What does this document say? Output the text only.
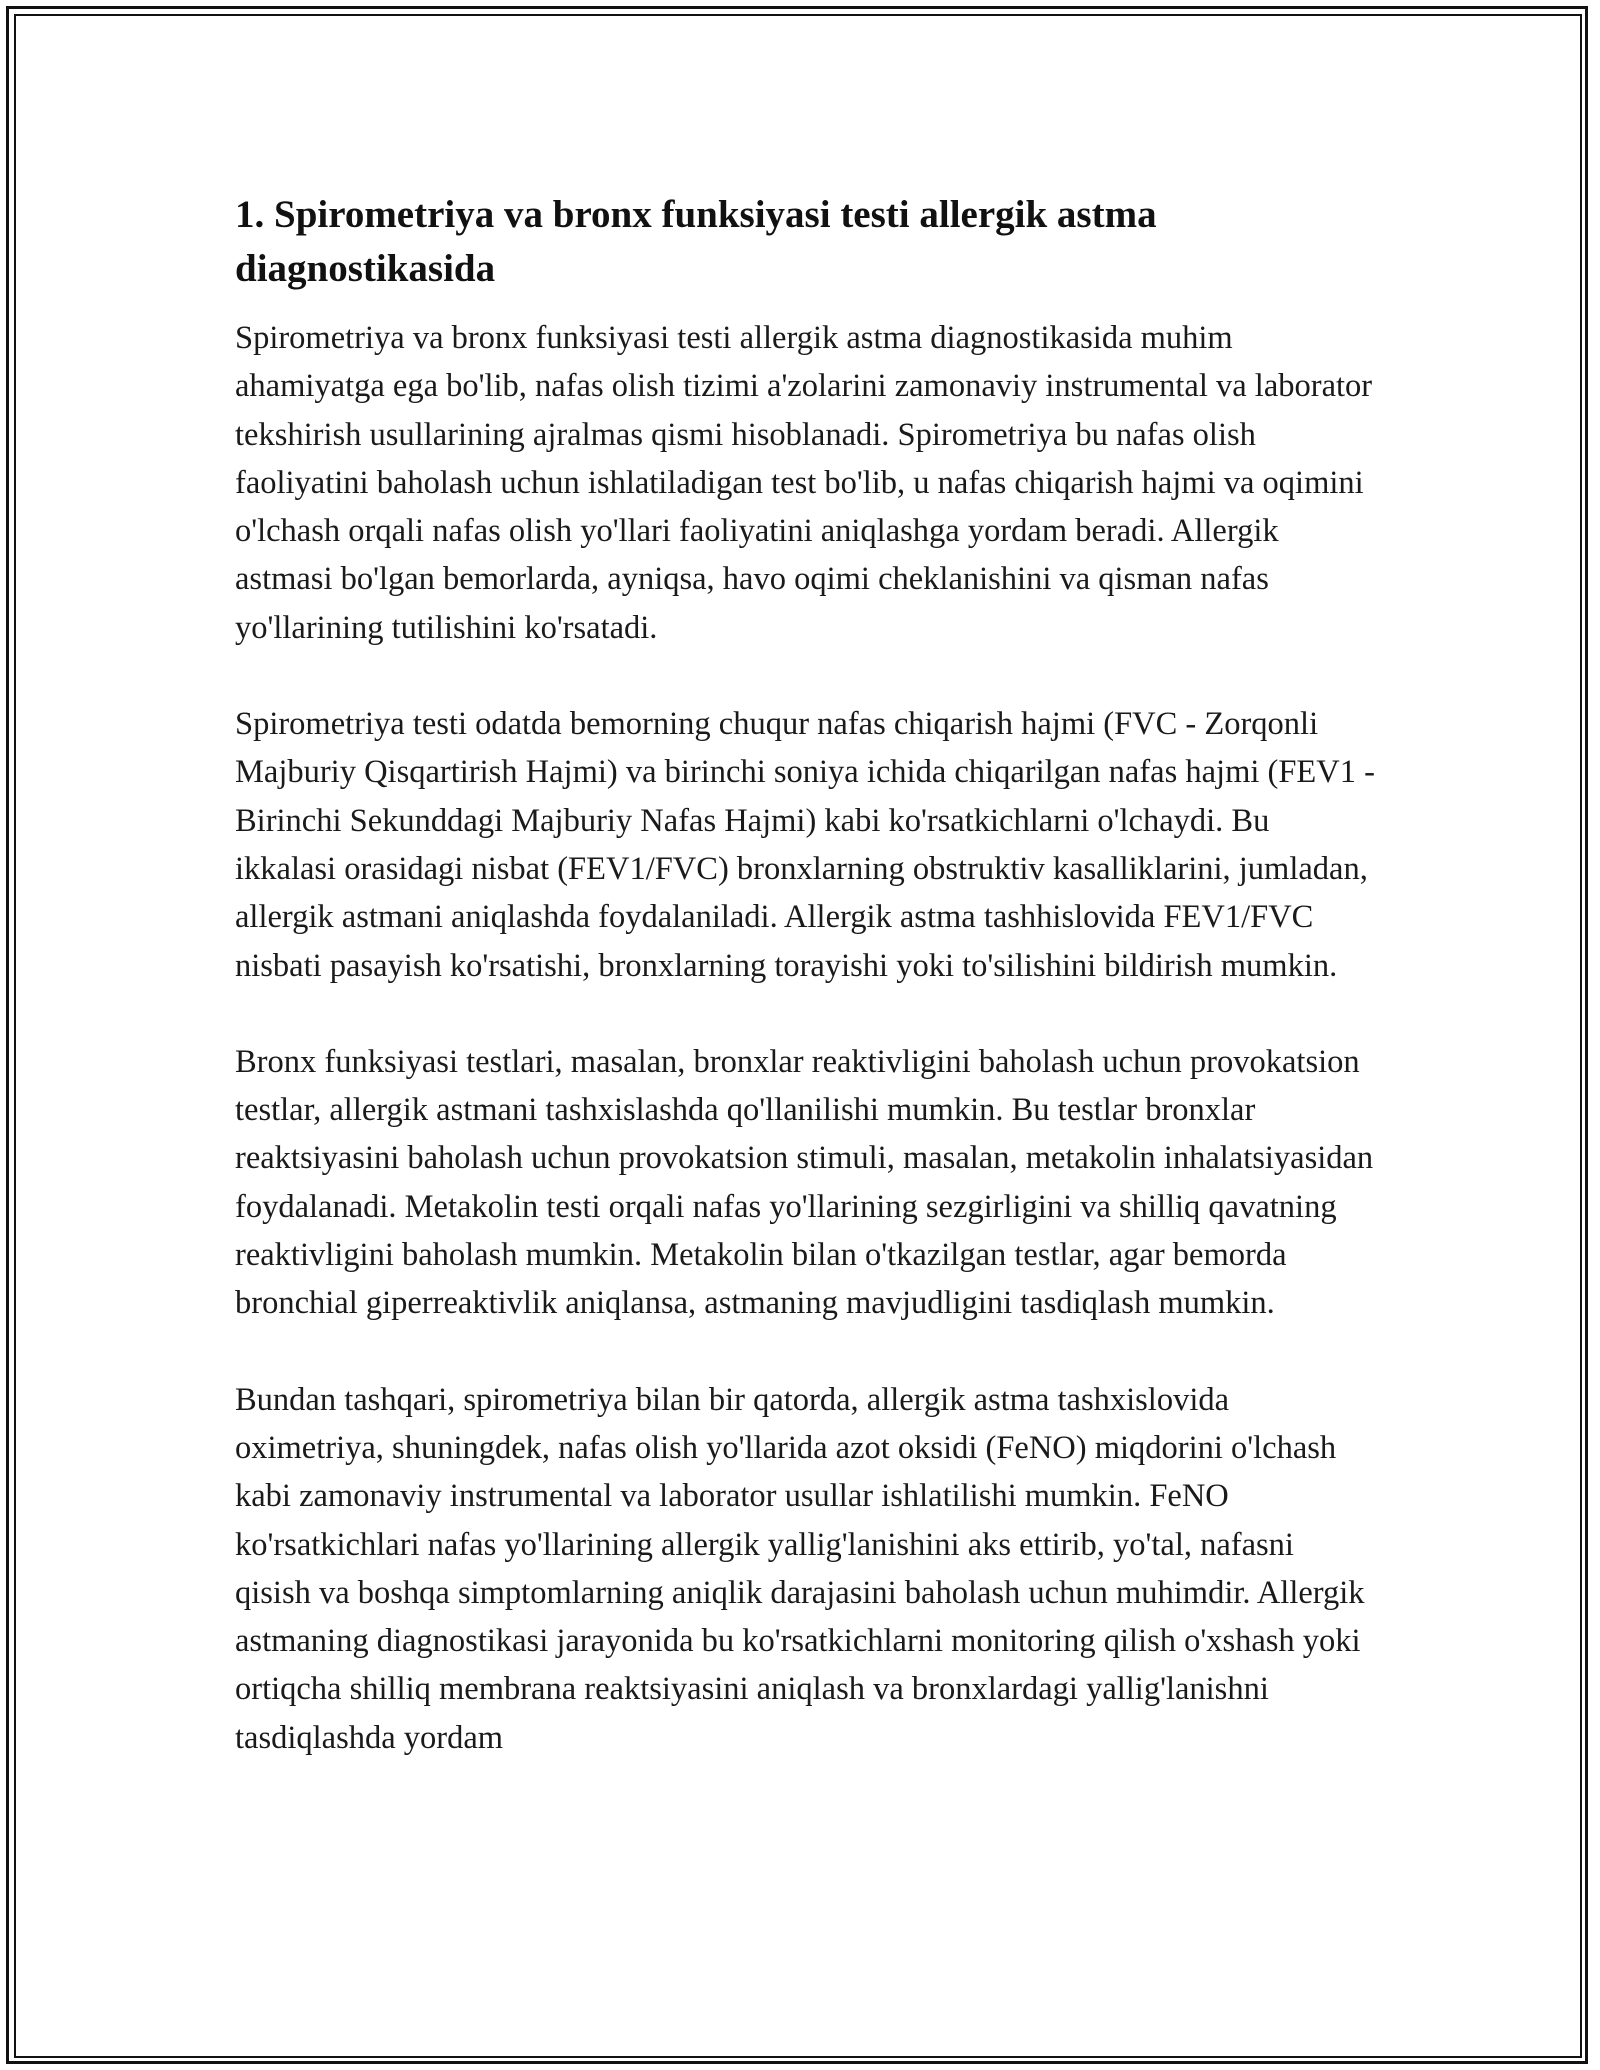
1. Spirometriya va bronx funksiyasi testi allergik astma diagnostikasida

Spirometriya va bronx funksiyasi testi allergik astma diagnostikasida muhim ahamiyatga ega bo'lib, nafas olish tizimi a'zolarini zamonaviy instrumental va laborator tekshirish usullarining ajralmas qismi hisoblanadi. Spirometriya bu nafas olish faoliyatini baholash uchun ishlatiladigan test bo'lib, u nafas chiqarish hajmi va oqimini o'lchash orqali nafas olish yo'llari faoliyatini aniqlashga yordam beradi. Allergik astmasi bo'lgan bemorlarda, ayniqsa, havo oqimi cheklanishini va qisman nafas yo'llarining tutilishini ko'rsatadi.

Spirometriya testi odatda bemorning chuqur nafas chiqarish hajmi (FVC - Zorqonli Majburiy Qisqartirish Hajmi) va birinchi soniya ichida chiqarilgan nafas hajmi (FEV1 - Birinchi Sekunddagi Majburiy Nafas Hajmi) kabi ko'rsatkichlarni o'lchaydi. Bu ikkalasi orasidagi nisbat (FEV1/FVC) bronxlarning obstruktiv kasalliklarini, jumladan, allergik astmani aniqlashda foydalaniladi. Allergik astma tashhislovida FEV1/FVC nisbati pasayish ko'rsatishi, bronxlarning torayishi yoki to'silishini bildirish mumkin.

Bronx funksiyasi testlari, masalan, bronxlar reaktivligini baholash uchun provokatsion testlar, allergik astmani tashxislashda qo'llanilishi mumkin. Bu testlar bronxlar reaktsiyasini baholash uchun provokatsion stimuli, masalan, metakolin inhalatsiyasidan foydalanadi. Metakolin testi orqali nafas yo'llarining sezgirligini va shilliq qavatning reaktivligini baholash mumkin. Metakolin bilan o'tkazilgan testlar, agar bemorda bronchial giperreaktivlik aniqlansa, astmaning mavjudligini tasdiqlash mumkin.

Bundan tashqari, spirometriya bilan bir qatorda, allergik astma tashxislovida oximetriya, shuningdek, nafas olish yo'llarida azot oksidi (FeNO) miqdorini o'lchash kabi zamonaviy instrumental va laborator usullar ishlatilishi mumkin. FeNO ko'rsatkichlari nafas yo'llarining allergik yallig'lanishini aks ettirib, yo'tal, nafasni qisish va boshqa simptomlarning aniqlik darajasini baholash uchun muhimdir. Allergik astmaning diagnostikasi jarayonida bu ko'rsatkichlarni monitoring qilish o'xshash yoki ortiqcha shilliq membrana reaktsiyasini aniqlash va bronxlardagi yallig'lanishni tasdiqlashda yordam
